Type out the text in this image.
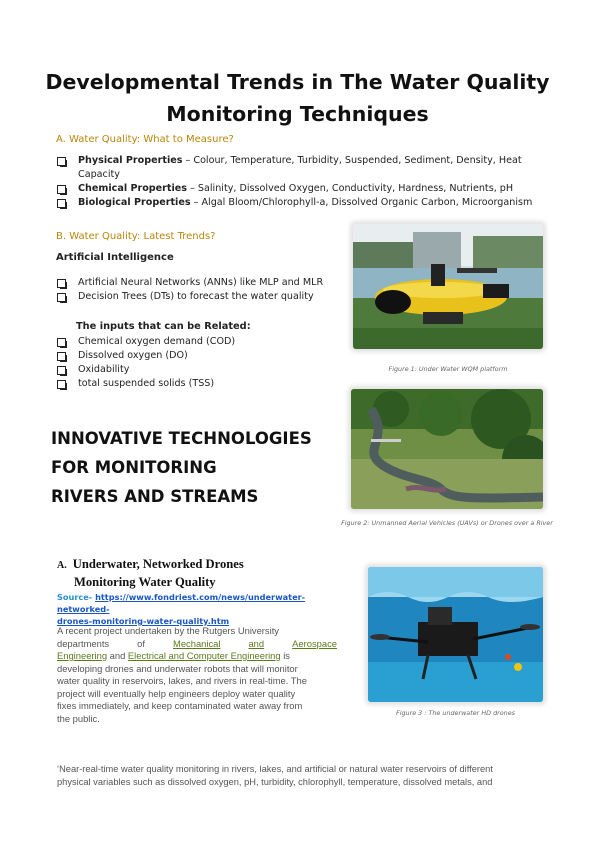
Developmental Trends in The Water Quality
Monitoring Techniques
A. Water Quality: What to Measure?
Physical Properties – Colour, Temperature, Turbidity, Suspended, Sediment, Density, Heat Capacity
Chemical Properties – Salinity, Dissolved Oxygen, Conductivity, Hardness, Nutrients, pH
Biological Properties – Algal Bloom/Chlorophyll-a, Dissolved Organic Carbon, Microorganism
B. Water Quality: Latest Trends?
Artificial Intelligence
Artificial Neural Networks (ANNs) like MLP and MLR
Decision Trees (DTs) to forecast the water quality
The inputs that can be Related:
Chemical oxygen demand (COD)
Dissolved oxygen (DO)
Oxidability
total suspended solids (TSS)
Figure 1: Under Water WQM platform
INNOVATIVE TECHNOLOGIES
FOR MONITORING
RIVERS AND STREAMS
Figure 2: Unmanned Aerial Vehicles (UAVs) or Drones over a River
A. Underwater, Networked Drones
Monitoring Water Quality
Source- https://www.fondriest.com/news/underwater-networked-
drones-monitoring-water-quality.htm
A recent project undertaken by the Rutgers University
departments	of	Mechanical	and	Aerospace
Engineering and Electrical and Computer Engineering is
developing drones and underwater robots that will monitor
water quality in reservoirs, lakes, and rivers in real-time. The
project will eventually help engineers deploy water quality
fixes immediately, and keep contaminated water away from
the public.	Figure 3 : The underwater HD drones
‘Near-real-time water quality monitoring in rivers, lakes, and artificial or natural water reservoirs of different
physical variables such as dissolved oxygen, pH, turbidity, chlorophyll, temperature, dissolved metals, and
